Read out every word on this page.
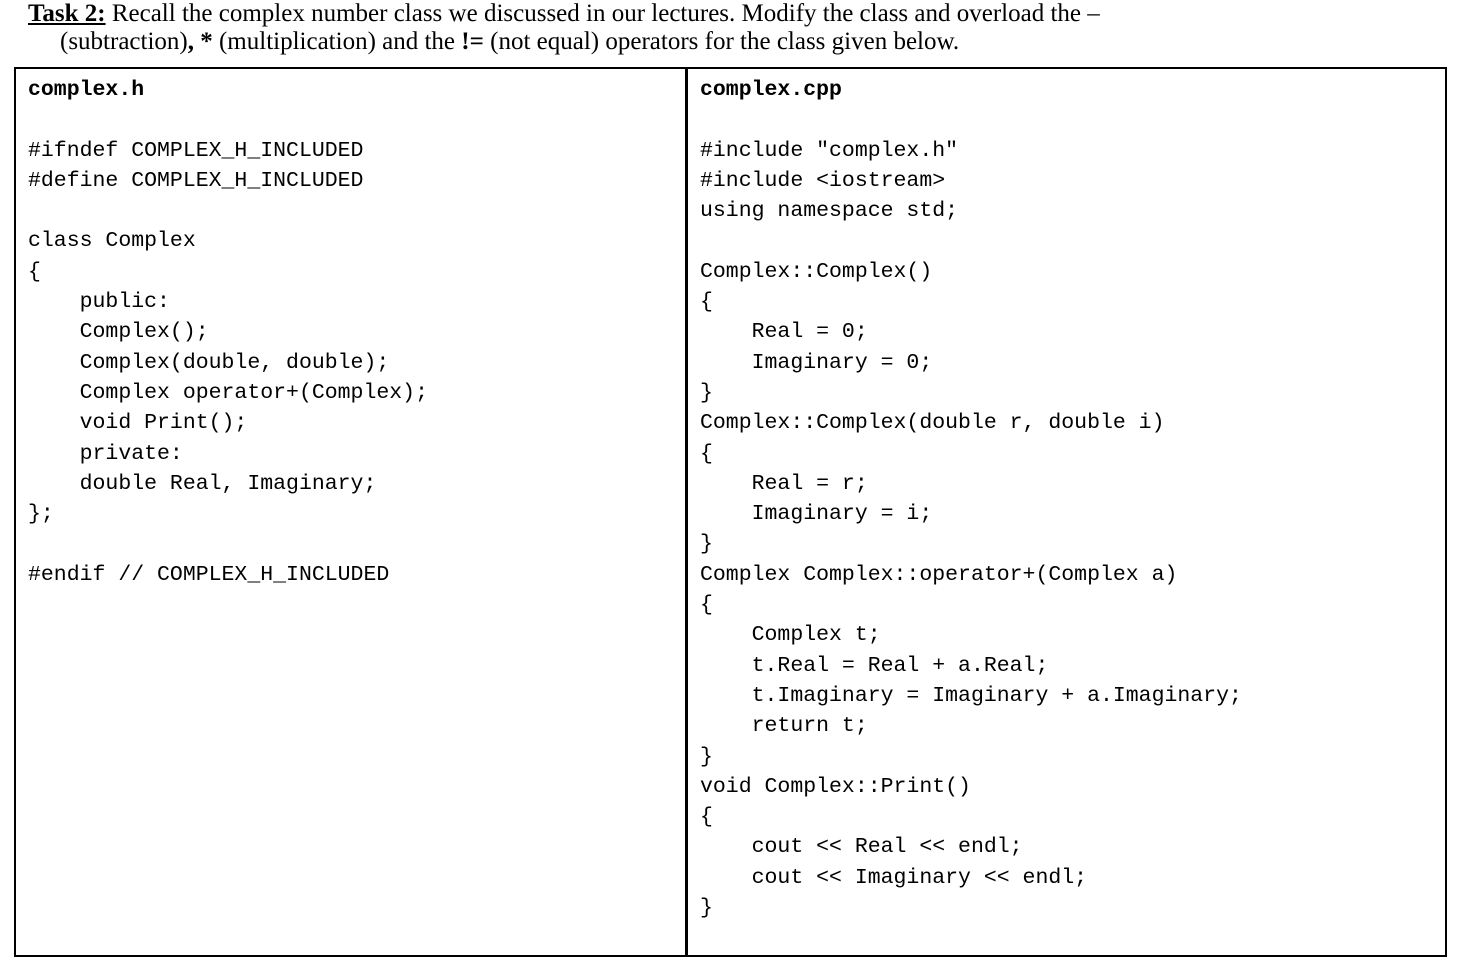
Task 2: Recall the complex number class we discussed in our lectures. Modify the class and overload the –
(subtraction), * (multiplication) and the != (not equal) operators for the class given below.
complex.h

#ifndef COMPLEX_H_INCLUDED
#define COMPLEX_H_INCLUDED

class Complex
{
public:
Complex();
Complex(double, double);
Complex operator+(Complex);
void Print();
private:
double Real, Imaginary;
};

#endif // COMPLEX_H_INCLUDED
complex.cpp

#include "complex.h"
#include <iostream>
using namespace std;

Complex::Complex()
{
Real = 0;
Imaginary = 0;
}
Complex::Complex(double r, double i)
{
Real = r;
Imaginary = i;
}
Complex Complex::operator+(Complex a)
{
Complex t;
t.Real = Real + a.Real;
t.Imaginary = Imaginary + a.Imaginary;
return t;
}
void Complex::Print()
{
cout << Real << endl;
cout << Imaginary << endl;
}
